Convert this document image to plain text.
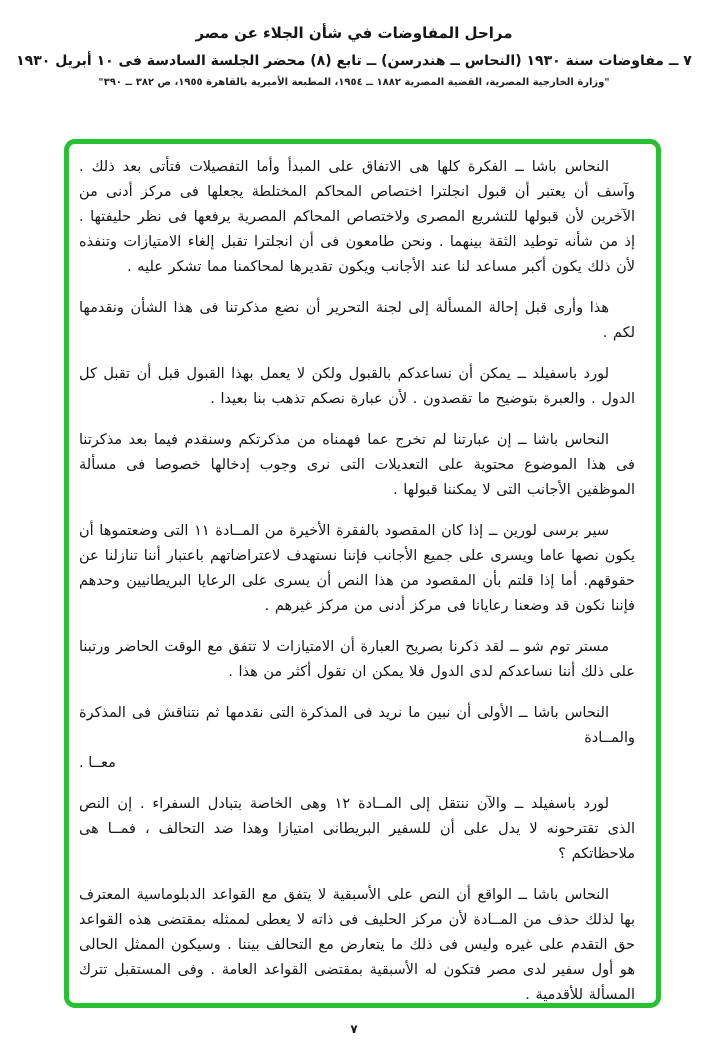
مراحل المفاوضات في شأن الجلاء عن مصر
٧ ــ مفاوضات سنة ١٩٣٠ (النحاس ــ هندرسن) ــ تابع (٨) محضر الجلسة السادسة فى ١٠ أبريل ١٩٣٠
"وزارة الخارجية المصرية، القضية المصرية ١٨٨٢ ــ ١٩٥٤، المطبعة الأميرية بالقاهرة ١٩٥٥، ص ٣٨٢ ــ ٣٩٠"

النحاس باشا ــ الفكرة كلها هى الاتفاق على المبدأ وأما التفصيلات فتأتى بعد ذلك . وآسف أن يعتبر أن قبول انجلترا اختصاص المحاكم المختلطة يجعلها فى مركز أدنى من الآخرين لأن قبولها للتشريع المصرى ولاختصاص المحاكم المصرية يرفعها فى نظر حليفتها . إذ من شأنه توطيد الثقة بينهما . ونحن طامعون فى أن انجلترا تقبل إلغاء الامتيازات وتنفذه لأن ذلك يكون أكبر مساعد لنا عند الأجانب ويكون تقديرها لمحاكمنا مما تشكر عليه .

هذا وأرى قبل إحالة المسألة إلى لجنة التحرير أن نضع مذكرتنا فى هذا الشأن ونقدمها لكم .

لورد باسفيلد ــ يمكن أن نساعدكم بالقبول ولكن لا يعمل بهذا القبول قبل أن تقبل كل الدول . والعبرة بتوضيح ما تقصدون . لأن عبارة نصكم تذهب بنا بعيدا .

النحاس باشا ــ إن عبارتنا لم تخرج عما فهمناه من مذكرتكم وسنقدم فيما بعد مذكرتنا فى هذا الموضوع محتوية على التعديلات التى نرى وجوب إدخالها خصوصا فى مسألة الموظفين الأجانب التى لا يمكننا قبولها .

سير برسى لورين ــ إذا كان المقصود بالفقرة الأخيرة من المــادة ١١ التى وضعتموها أن يكون نصها عاما ويسرى على جميع الأجانب فإننا نستهدف لاعتراضاتهم باعتبار أننا تنازلنا عن حقوقهم. أما إذا قلتم بأن المقصود من هذا النص أن يسرى على الرعايا البريطانيين وحدهم فإننا نكون قد وضعنا رعايانا فى مركز أدنى من مركز غيرهم .

مستر توم شو ــ لقد ذكرنا بصريح العبارة أن الامتيازات لا تتفق مع الوقت الحاضر ورتبنا على ذلك أننا نساعدكم لدى الدول فلا يمكن ان نقول أكثر من هذا .

النحاس باشا ــ الأولى أن نبين ما نريد فى المذكرة التى نقدمها ثم نتناقش فى المذكرة والمــادة

معــا .

لورد باسفيلد ــ والآن ننتقل إلى المــادة ١٢ وهى الخاصة بتبادل السفراء . إن النص الذى تقترحونه لا يدل على أن للسفير البريطانى امتيازا وهذا ضد التحالف ، فمــا هى ملاحظاتكم ؟

النحاس باشا ــ الواقع أن النص على الأسبقية لا يتفق مع القواعد الدبلوماسية المعترف بها لذلك حذف من المــادة لأن مركز الحليف فى ذاته لا يعطى لممثله بمقتضى هذه القواعد حق التقدم على غيره وليس فى ذلك ما يتعارض مع التحالف بيننا . وسيكون الممثل الحالى هو أول سفير لدى مصر فتكون له الأسبقية بمقتضى القواعد العامة . وفى المستقبل تترك المسألة للأقدمية .

٧
